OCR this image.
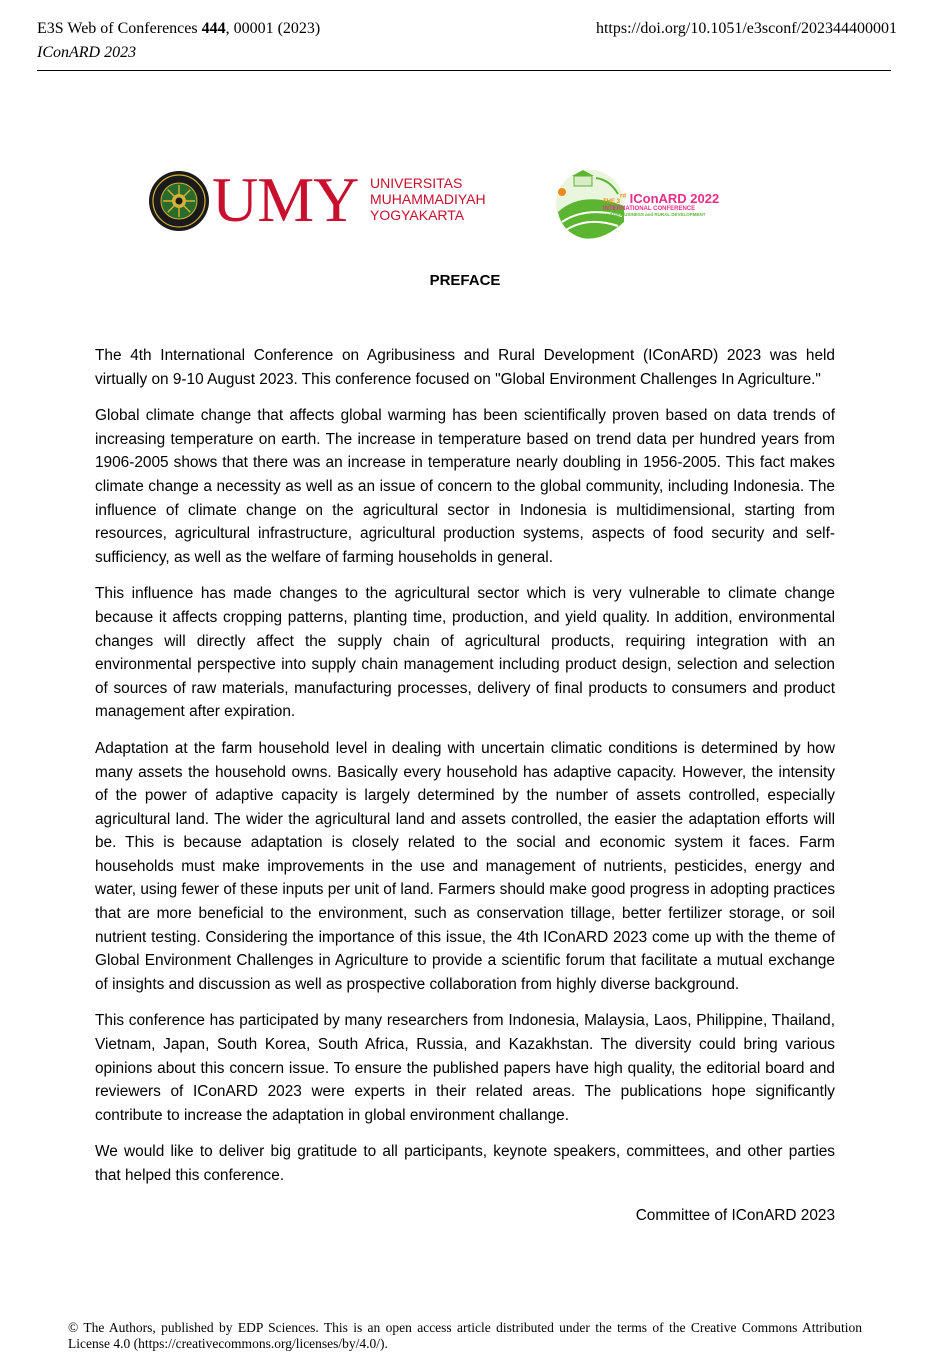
E3S Web of Conferences 444, 00001 (2023)
IConARD 2023
https://doi.org/10.1051/e3sconf/202344400001
UMY UNIVERSITAS
MUHAMMADIYAH
YOGYAKARTA
THE 3rd IConARD 2022
INTERNATIONAL CONFERENCE
on AGRIBUSINESS and RURAL DEVELOPMENT
PREFACE

The 4th International Conference on Agribusiness and Rural Development (IConARD) 2023 was held virtually on 9-10 August 2023. This conference focused on "Global Environment Challenges In Agriculture."

Global climate change that affects global warming has been scientifically proven based on data trends of increasing temperature on earth. The increase in temperature based on trend data per hundred years from 1906-2005 shows that there was an increase in temperature nearly doubling in 1956-2005. This fact makes climate change a necessity as well as an issue of concern to the global community, including Indonesia. The influence of climate change on the agricultural sector in Indonesia is multidimensional, starting from resources, agricultural infrastructure, agricultural production systems, aspects of food security and self-sufficiency, as well as the welfare of farming households in general.

This influence has made changes to the agricultural sector which is very vulnerable to climate change because it affects cropping patterns, planting time, production, and yield quality. In addition, environmental changes will directly affect the supply chain of agricultural products, requiring integration with an environmental perspective into supply chain management including product design, selection and selection of sources of raw materials, manufacturing processes, delivery of final products to consumers and product management after expiration.

Adaptation at the farm household level in dealing with uncertain climatic conditions is determined by how many assets the household owns. Basically every household has adaptive capacity. However, the intensity of the power of adaptive capacity is largely determined by the number of assets controlled, especially agricultural land. The wider the agricultural land and assets controlled, the easier the adaptation efforts will be. This is because adaptation is closely related to the social and economic system it faces. Farm households must make improvements in the use and management of nutrients, pesticides, energy and water, using fewer of these inputs per unit of land. Farmers should make good progress in adopting practices that are more beneficial to the environment, such as conservation tillage, better fertilizer storage, or soil nutrient testing. Considering the importance of this issue, the 4th IConARD 2023 come up with the theme of Global Environment Challenges in Agriculture to provide a scientific forum that facilitate a mutual exchange of insights and discussion as well as prospective collaboration from highly diverse background.

This conference has participated by many researchers from Indonesia, Malaysia, Laos, Philippine, Thailand, Vietnam, Japan, South Korea, South Africa, Russia, and Kazakhstan. The diversity could bring various opinions about this concern issue. To ensure the published papers have high quality, the editorial board and reviewers of IConARD 2023 were experts in their related areas. The publications hope significantly contribute to increase the adaptation in global environment challange.

We would like to deliver big gratitude to all participants, keynote speakers, committees, and other parties that helped this conference.

Committee of IConARD 2023

© The Authors, published by EDP Sciences. This is an open access article distributed under the terms of the Creative Commons Attribution License 4.0 (https://creativecommons.org/licenses/by/4.0/).
